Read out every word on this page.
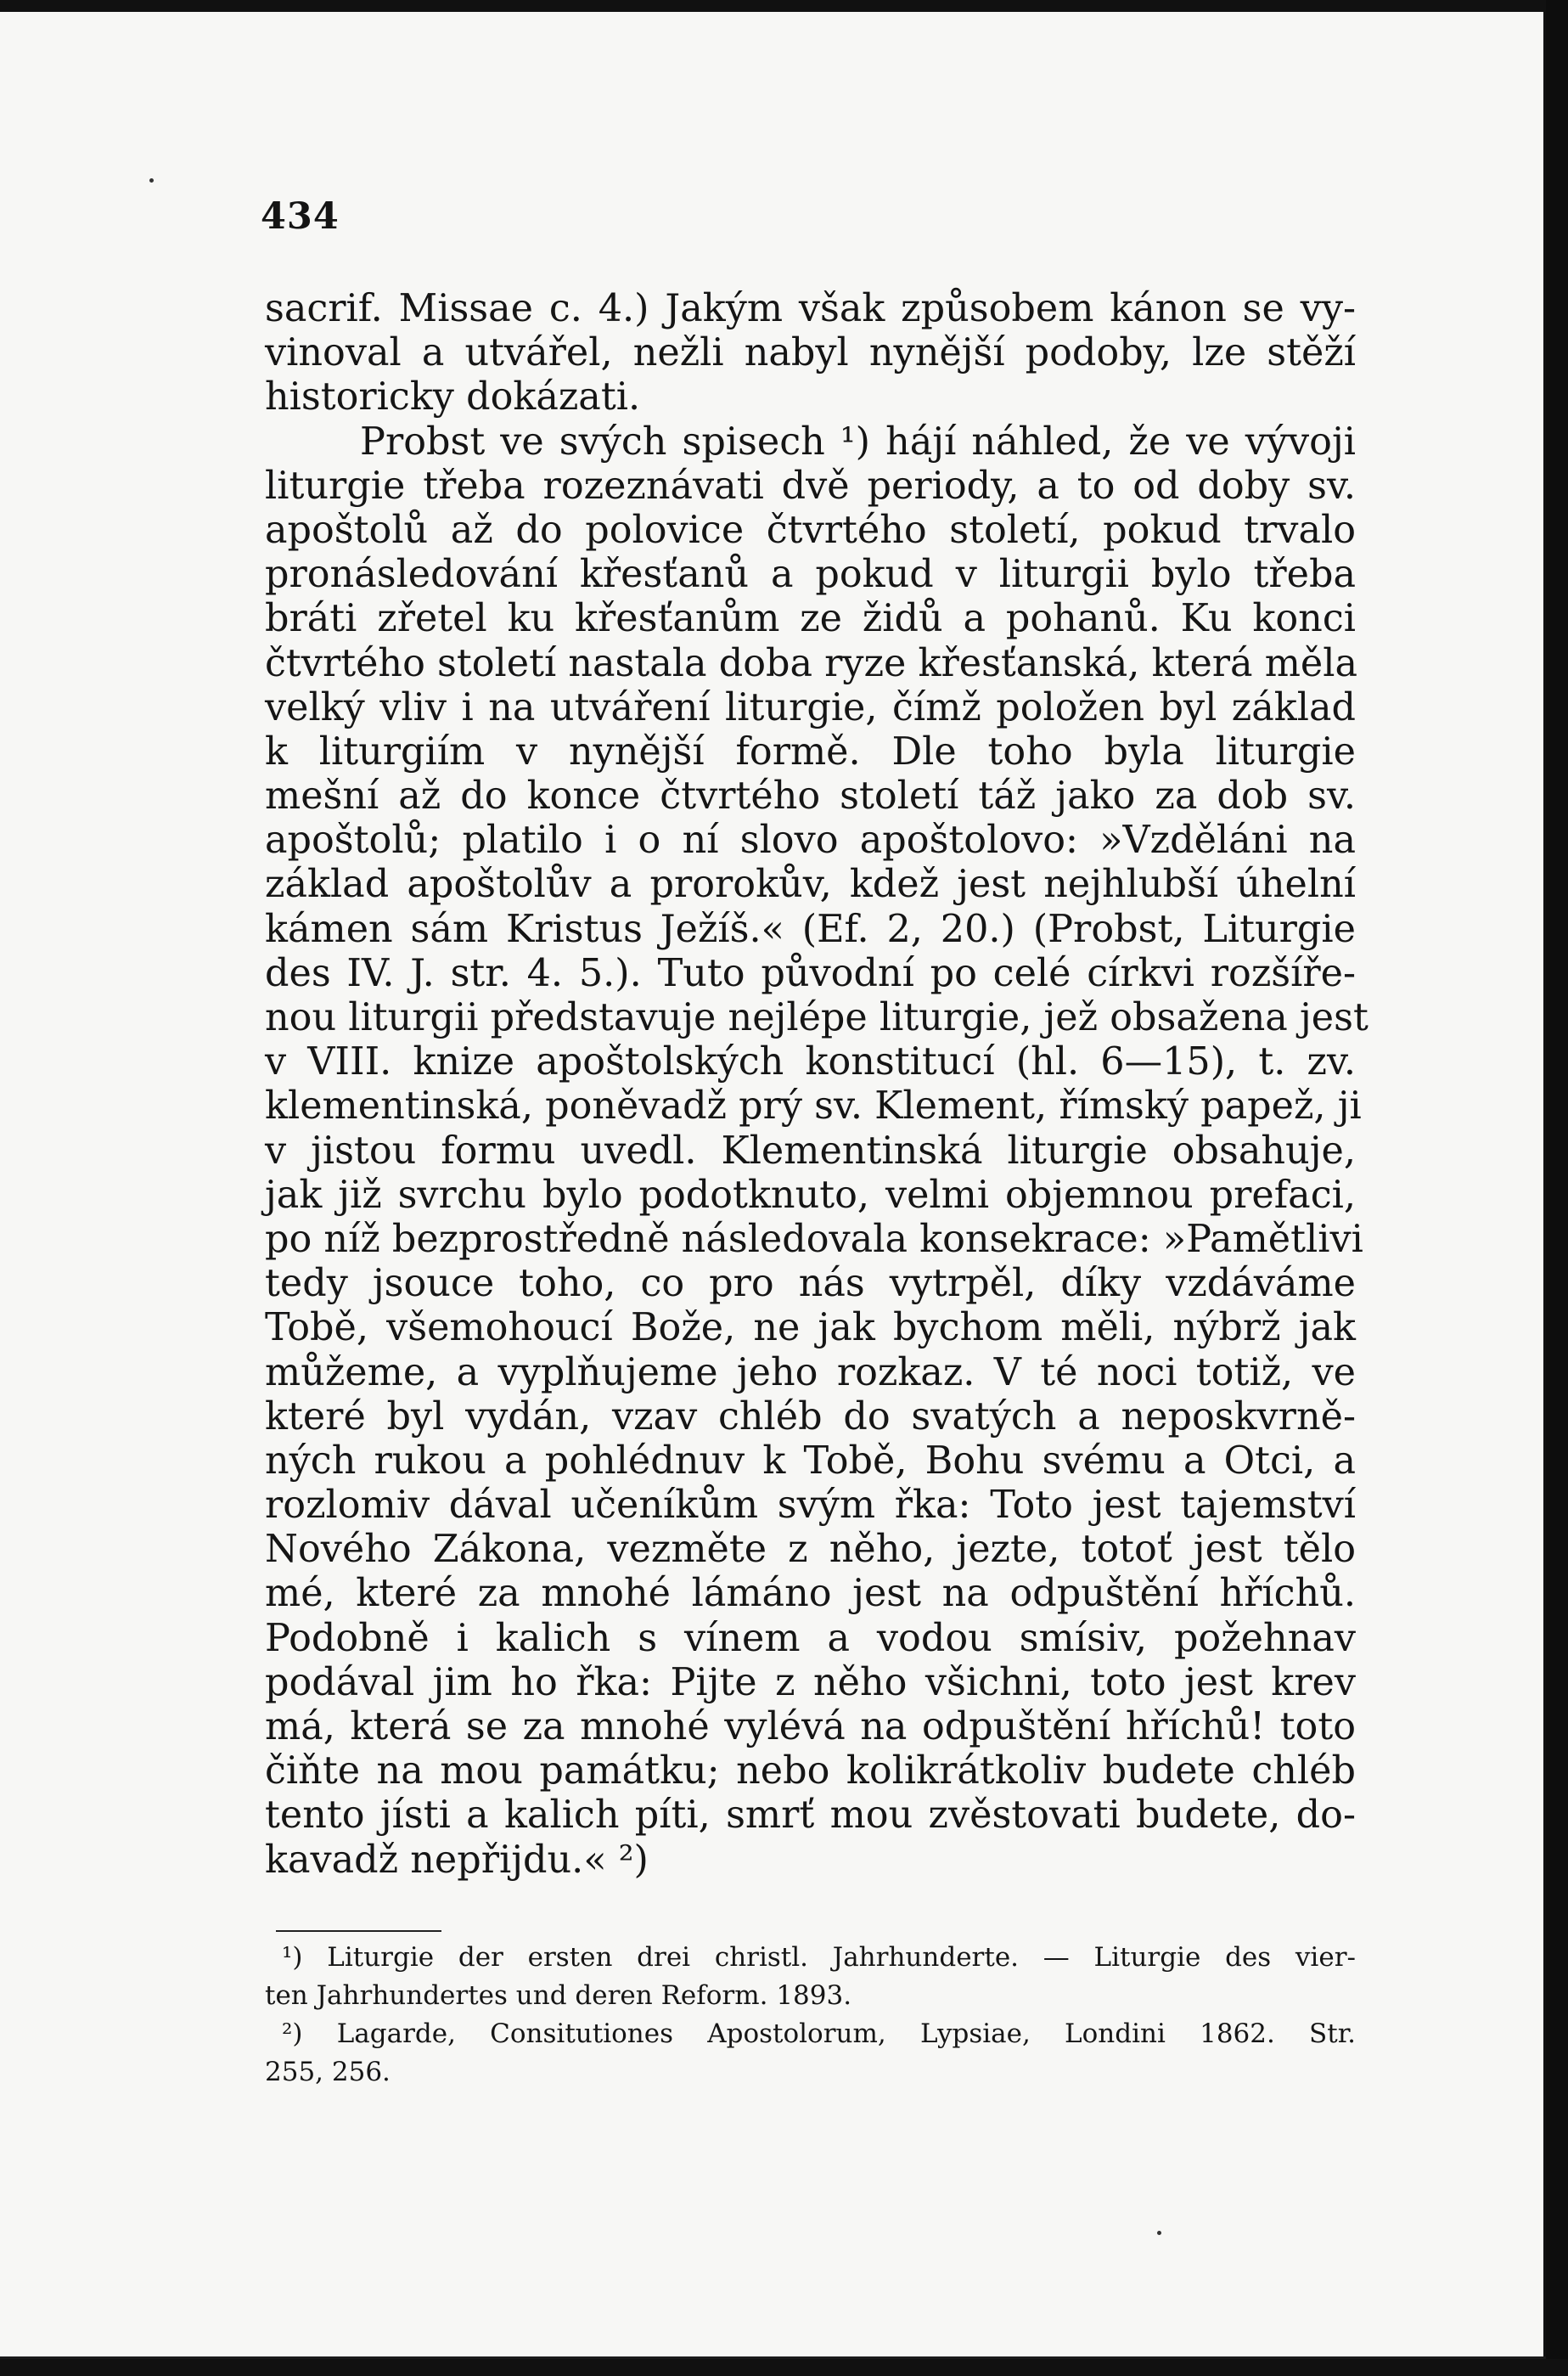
434
sacrif. Missae c. 4.) Jakým však způsobem kánon se vy-
vinoval a utvářel, nežli nabyl nynější podoby, lze stěží
historicky dokázati.
Probst ve svých spisech ¹) hájí náhled, že ve vývoji
liturgie třeba rozeznávati dvě periody, a to od doby sv.
apoštolů až do polovice čtvrtého století, pokud trvalo
pronásledování křesťanů a pokud v liturgii bylo třeba
bráti zřetel ku křesťanům ze židů a pohanů. Ku konci
čtvrtého století nastala doba ryze křesťanská, která měla
velký vliv i na utváření liturgie, čímž položen byl základ
k liturgiím v nynější formě. Dle toho byla liturgie
mešní až do konce čtvrtého století táž jako za dob sv.
apoštolů; platilo i o ní slovo apoštolovo: »Vzděláni na
základ apoštolův a proroků‌v, kdež jest nejhlubší úhelní
kámen sám Kristus Ježíš.« (Ef. 2, 20.) (Probst, Liturgie
des IV. J. str. 4. 5.). Tuto původní po celé církvi rozšíře-
nou liturgii představuje nejlépe liturgie, jež obsažena jest
v VIII. knize apoštolských konstitucí (hl. 6—15), t. zv.
klementinská, poněvadž prý sv. Klement, římský papež, ji
v jistou formu uvedl. Klementinská liturgie obsahuje,
jak již svrchu bylo podotknuto, velmi objemnou prefaci,
po níž bezprostředně následovala konsekrace: »Pamětlivi
tedy jsouce toho, co pro nás vytrpěl, díky vzdáváme
Tobě, všemohoucí Bože, ne jak bychom měli, nýbrž jak
můžeme, a vyplňujeme jeho rozkaz. V té noci totiž, ve
které byl vydán, vzav chléb do svatých a neposkvrně-
ných rukou a pohlédnuv k Tobě, Bohu svému a Otci, a
rozlomiv dával učeníkům svým řka: Toto jest tajemství
Nového Zákona, vezměte z něho, jezte, totoť jest tělo
mé, které za mnohé lámáno jest na odpuštění hříchů.
Podobně i kalich s vínem a vodou smísiv, požehnav
podával jim ho řka: Pijte z něho všichni, toto jest krev
má, která se za mnohé vylévá na odpuštění hříchů! toto
čiňte na mou památku; nebo kolikrátkoliv budete chléb
tento jísti a kalich píti, smrť mou zvěstovati budete, do-
kavadž nepřijdu.« ²)
¹) Liturgie der ersten drei christl. Jahrhunderte. — Liturgie des vier-
ten Jahrhundertes und deren Reform. 1893.
²) Lagarde, Consitutiones Apostolorum, Lypsiae, Londini 1862. Str.
255, 256.
